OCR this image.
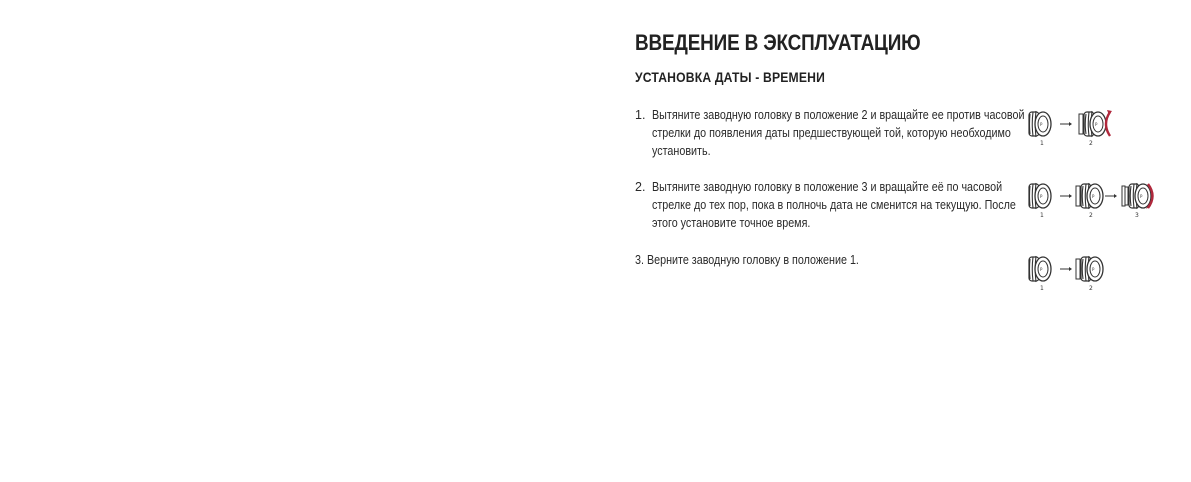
ВВЕДЕНИЕ В ЭКСПЛУАТАЦИЮ
УСТАНОВКА ДАТЫ - ВРЕМЕНИ
1. Вытяните заводную головку в положение 2 и вращайте ее против часовой стрелки до появления даты предшествующей той, которую необходимо установить.
2. Вытяните заводную головку в положение 3 и вращайте её по часовой стрелке до тех пор, пока в полночь дата не сменится на текущую. После этого установите точное время.
3. Верните заводную головку в положение 1.
P
1
P
2
P
1
P
2
P
3
P
1
P
2
